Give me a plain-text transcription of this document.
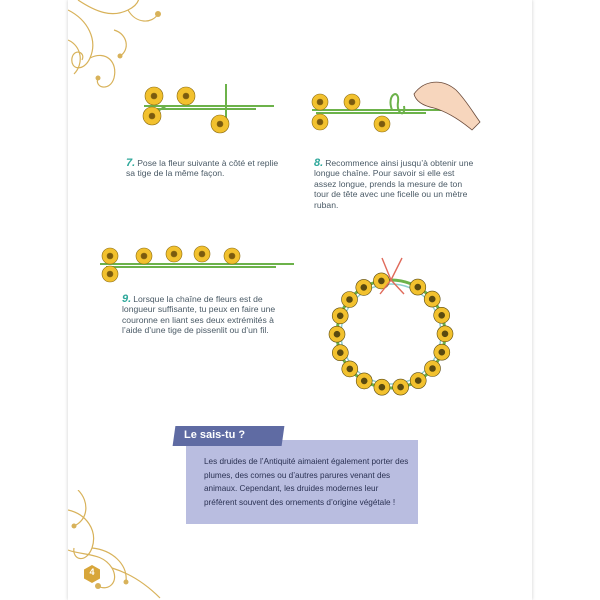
7. Pose la fleur suivante à côté et replie sa tige de la même façon.
8. Recommence ainsi jusqu’à obtenir une longue chaîne. Pour savoir si elle est assez longue, prends la mesure de ton tour de tête avec une ficelle ou un mètre ruban.
9. Lorsque la chaîne de fleurs est de longueur suffisante, tu peux en faire une couronne en liant ses deux extrémités à l’aide d’une tige de pissenlit ou d’un fil.
Le sais-tu ?
Les druides de l’Antiquité aimaient également porter des plumes, des cornes ou d’autres parures venant des animaux. Cependant, les druides modernes leur préfèrent souvent des ornements d’origine végétale !
4
